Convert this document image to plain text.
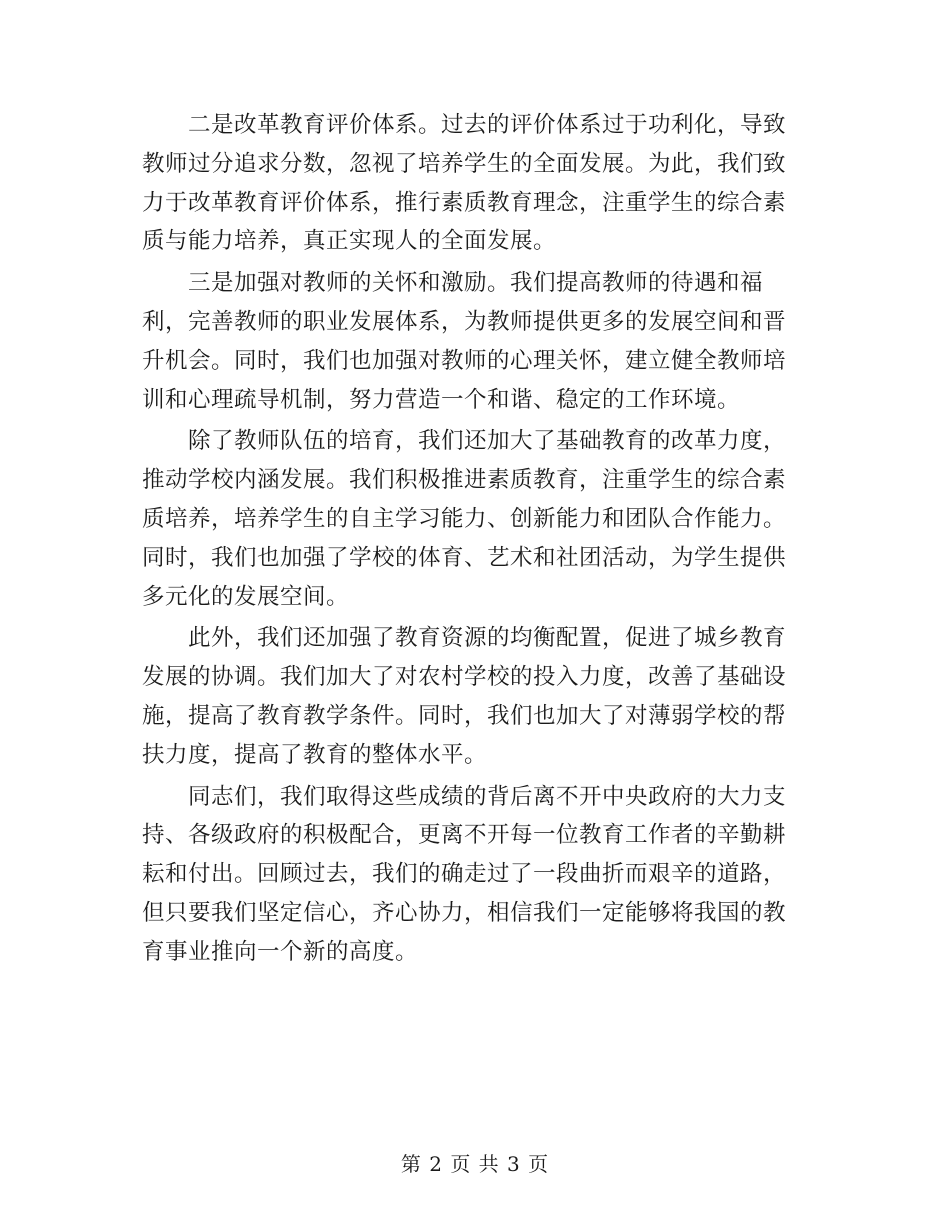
二是改革教育评价体系。过去的评价体系过于功利化，导致
教师过分追求分数，忽视了培养学生的全面发展。为此，我们致
力于改革教育评价体系，推行素质教育理念，注重学生的综合素
质与能力培养，真正实现人的全面发展。
三是加强对教师的关怀和激励。我们提高教师的待遇和福
利，完善教师的职业发展体系，为教师提供更多的发展空间和晋
升机会。同时，我们也加强对教师的心理关怀，建立健全教师培
训和心理疏导机制，努力营造一个和谐、稳定的工作环境。
除了教师队伍的培育，我们还加大了基础教育的改革力度，
推动学校内涵发展。我们积极推进素质教育，注重学生的综合素
质培养，培养学生的自主学习能力、创新能力和团队合作能力。
同时，我们也加强了学校的体育、艺术和社团活动，为学生提供
多元化的发展空间。
此外，我们还加强了教育资源的均衡配置，促进了城乡教育
发展的协调。我们加大了对农村学校的投入力度，改善了基础设
施，提高了教育教学条件。同时，我们也加大了对薄弱学校的帮
扶力度，提高了教育的整体水平。
同志们，我们取得这些成绩的背后离不开中央政府的大力支
持、各级政府的积极配合，更离不开每一位教育工作者的辛勤耕
耘和付出。回顾过去，我们的确走过了一段曲折而艰辛的道路，
但只要我们坚定信心，齐心协力，相信我们一定能够将我国的教
育事业推向一个新的高度。
第 2 页 共 3 页
